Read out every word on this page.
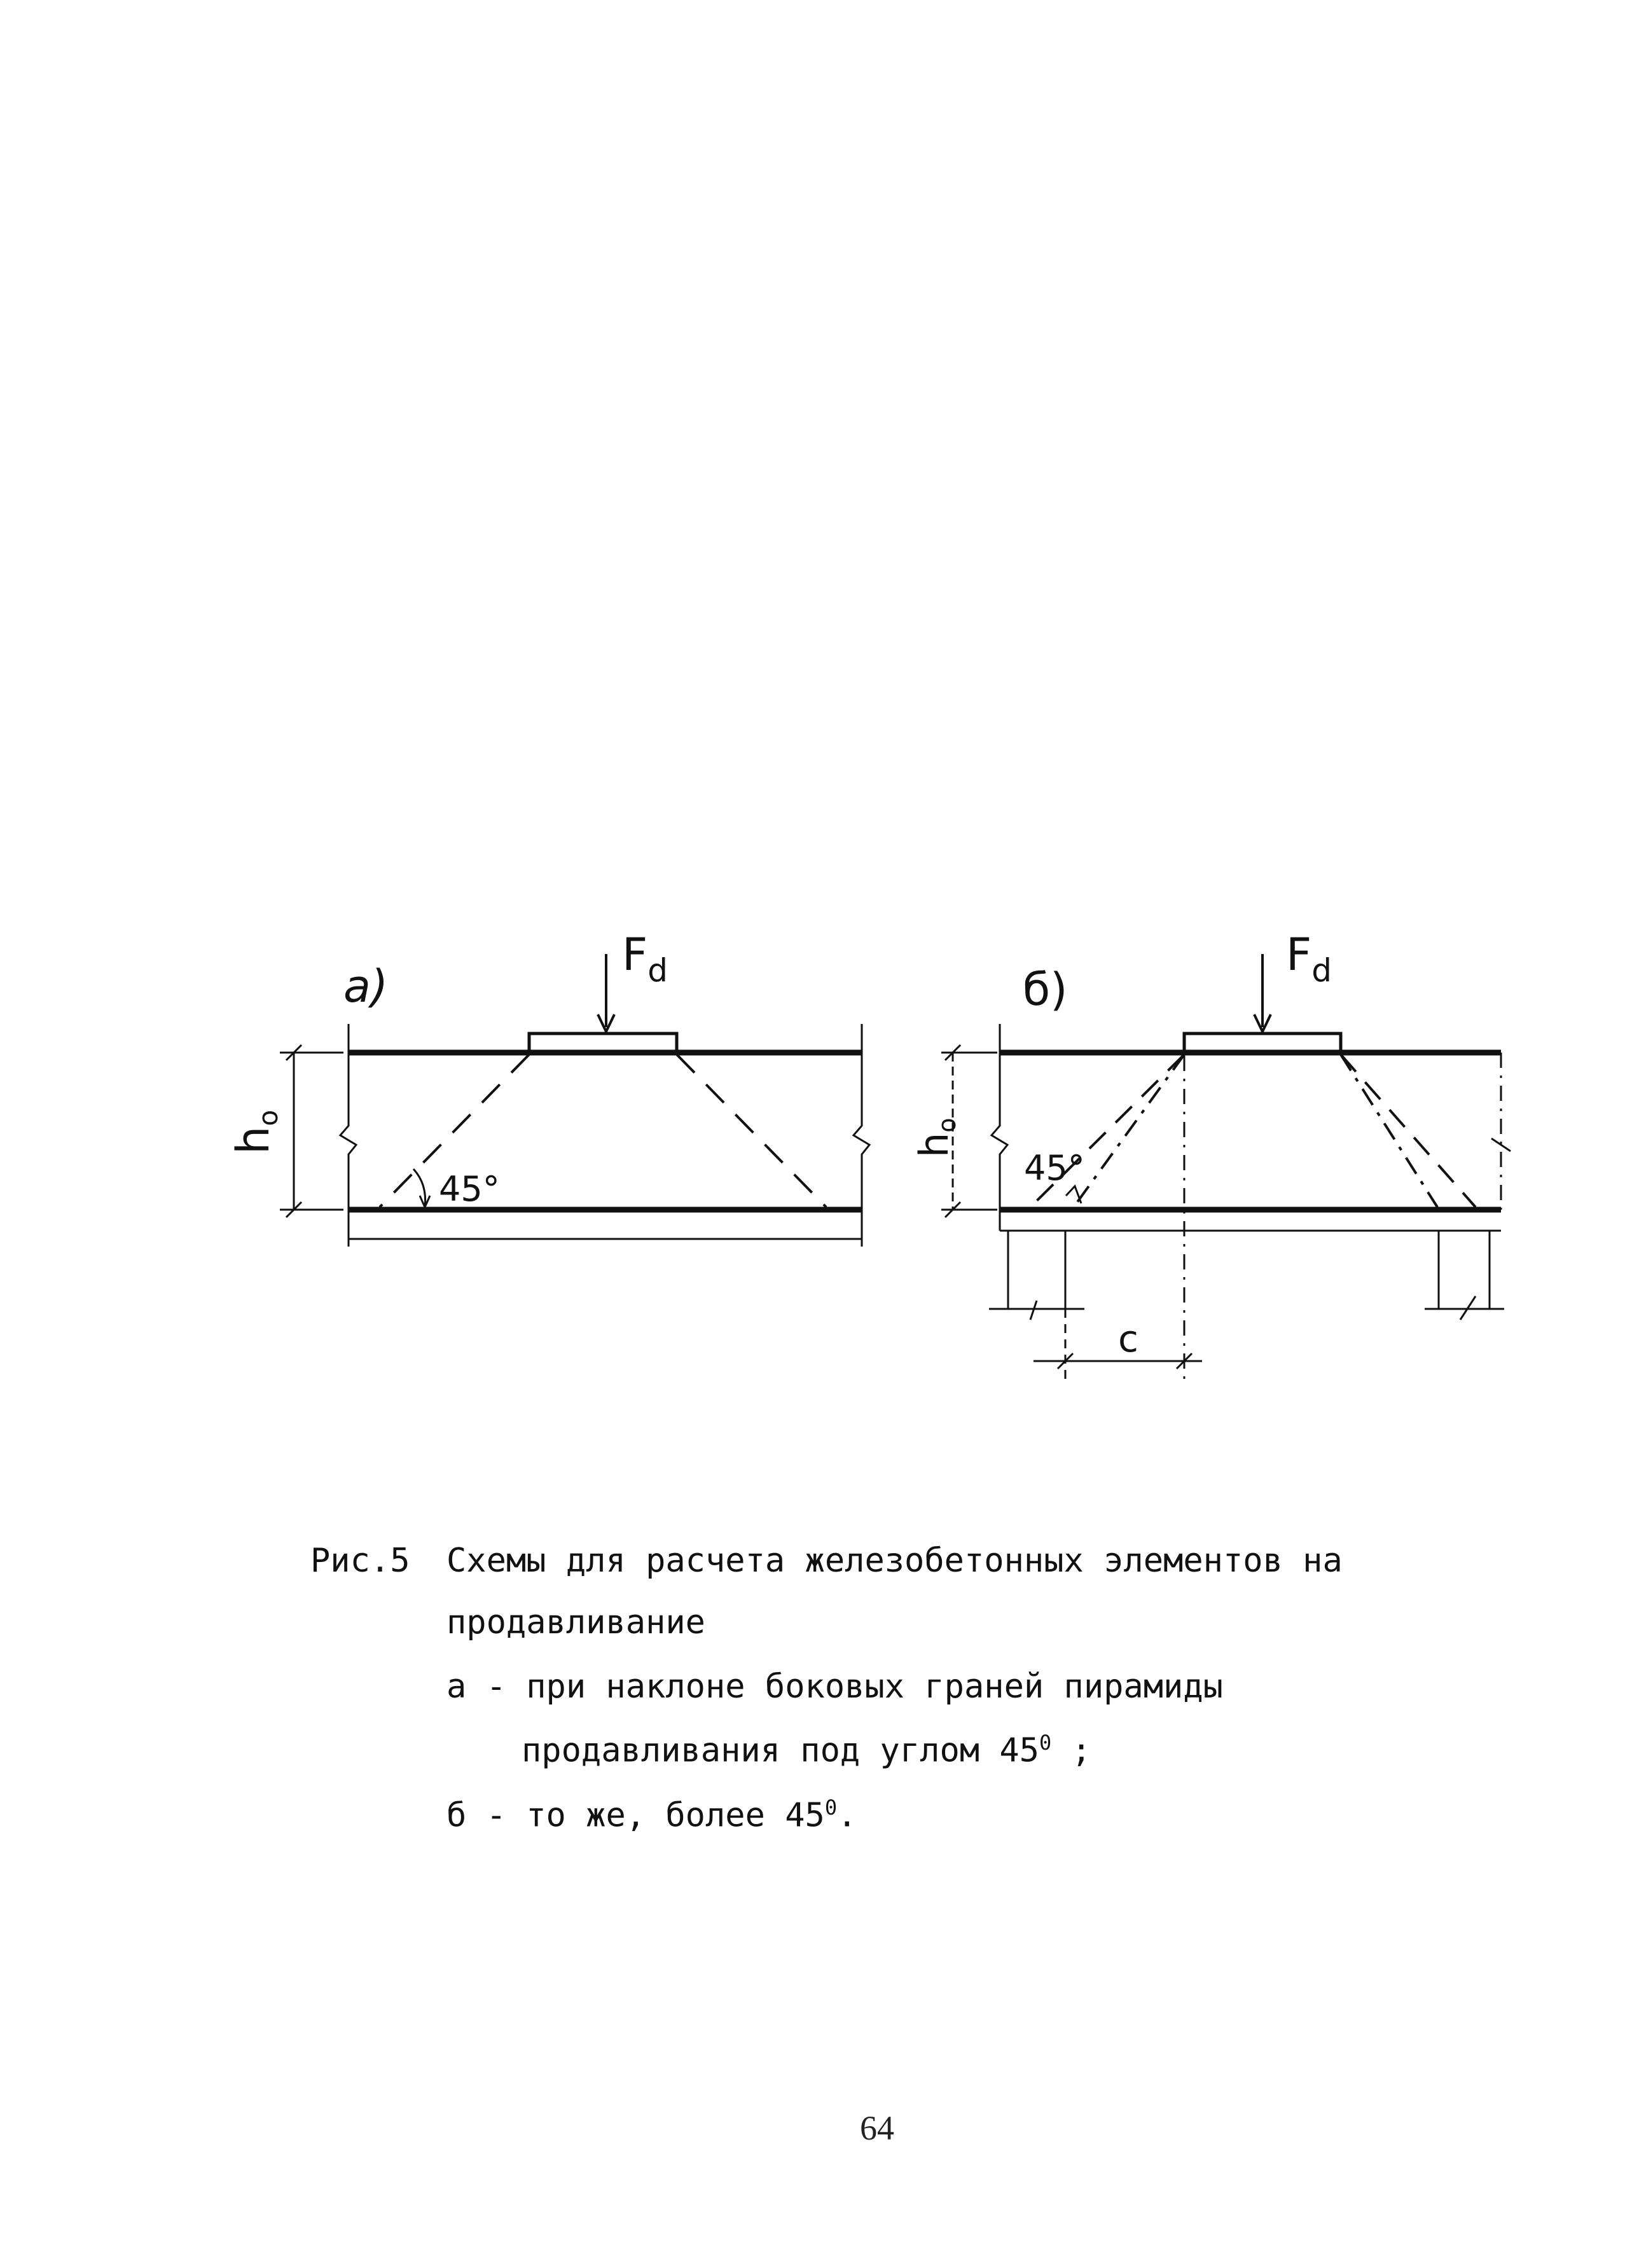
а)
$F_d$
$h_o$
45°
б)
$F_d$
ho
45°
c
Рис.5 Схемы для расчета железобетонных элементов на
продавливание
а - при наклоне боковых граней пирамиды
продавливания под углом $45^0$ ;
б - то же, более $45^0$.
64
